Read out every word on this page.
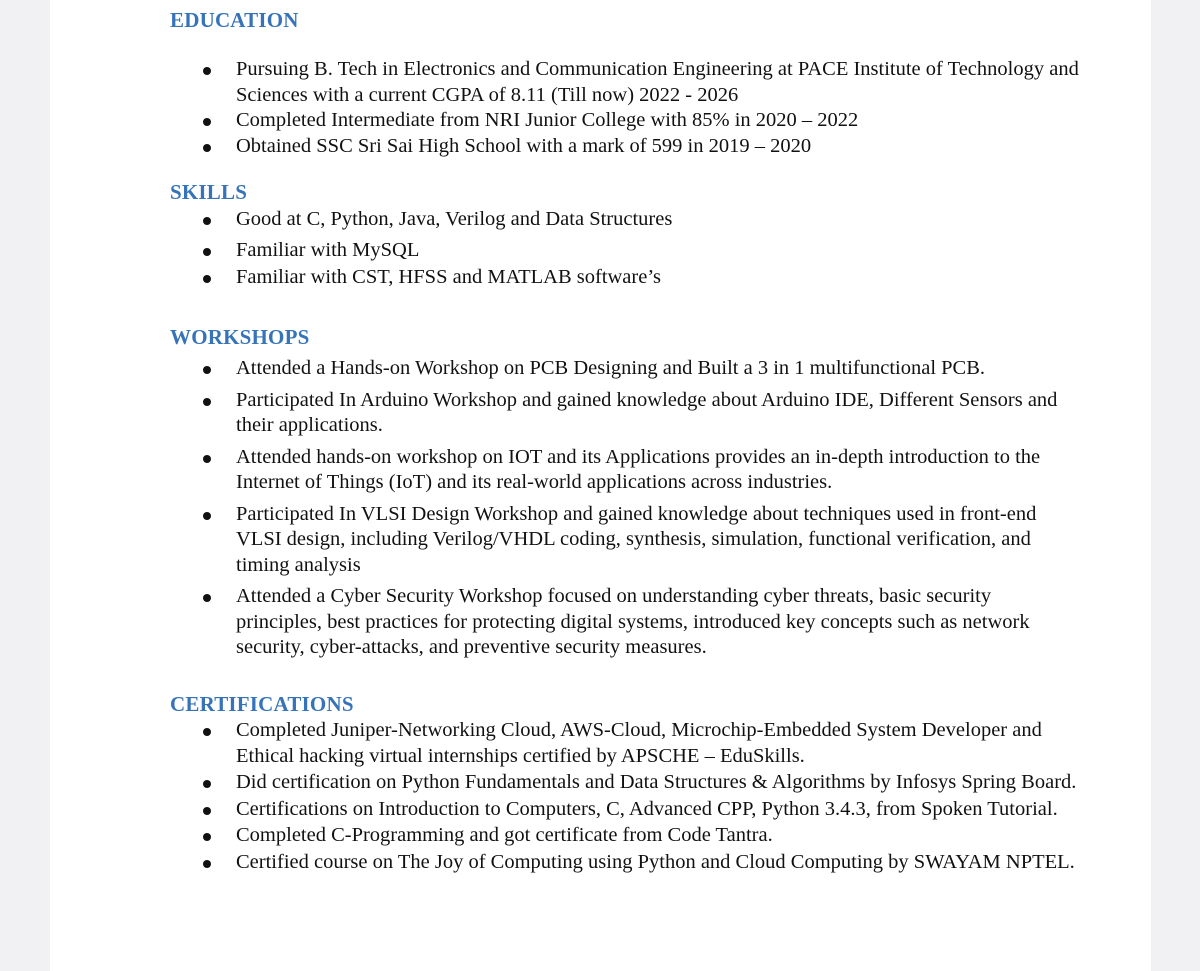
EDUCATION
Pursuing B. Tech in Electronics and Communication Engineering at PACE Institute of Technology and Sciences with a current CGPA of 8.11 (Till now) 2022 - 2026
Completed Intermediate from NRI Junior College with 85% in 2020 – 2022
Obtained SSC Sri Sai High School with a mark of 599 in 2019 – 2020
SKILLS
Good at C, Python, Java, Verilog and Data Structures
Familiar with MySQL
Familiar with CST, HFSS and MATLAB software’s
WORKSHOPS
Attended a Hands-on Workshop on PCB Designing and Built a 3 in 1 multifunctional PCB.
Participated In Arduino Workshop and gained knowledge about Arduino IDE, Different Sensors and their applications.
Attended hands-on workshop on IOT and its Applications provides an in-depth introduction to the Internet of Things (IoT) and its real-world applications across industries.
Participated In VLSI Design Workshop and gained knowledge about techniques used in front-end VLSI design, including Verilog/VHDL coding, synthesis, simulation, functional verification, and timing analysis
Attended a Cyber Security Workshop focused on understanding cyber threats, basic security principles, best practices for protecting digital systems, introduced key concepts such as network security, cyber-attacks, and preventive security measures.
CERTIFICATIONS
Completed Juniper-Networking Cloud, AWS-Cloud, Microchip-Embedded System Developer and Ethical hacking virtual internships certified by APSCHE – EduSkills.
Did certification on Python Fundamentals and Data Structures & Algorithms by Infosys Spring Board.
Certifications on Introduction to Computers, C, Advanced CPP, Python 3.4.3, from Spoken Tutorial.
Completed C-Programming and got certificate from Code Tantra.
Certified course on The Joy of Computing using Python and Cloud Computing by SWAYAM NPTEL.
